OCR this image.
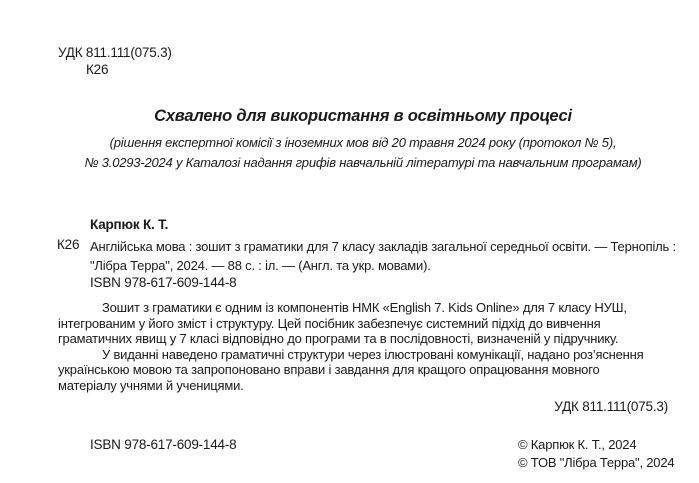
УДК 811.111(075.3)
К26
Схвалено для використання в освітньому процесі
(рішення експертної комісії з іноземних мов від 20 травня 2024 року (протокол № 5),
№ 3.0293-2024 у Каталозі надання грифів навчальній літературі та навчальним програмам)
Карпюк К. Т.
К26 Англійська мова : зошит з граматики для 7 класу закладів загальної середньої освіти. — Тернопіль :
"Лібра Терра", 2024. — 88 с. : іл. — (Англ. та укр. мовами).
ISBN 978-617-609-144-8
Зошит з граматики є одним із компонентів НМК «English 7. Kids Online» для 7 класу НУШ,
інтегрованим у його зміст і структуру. Цей посібник забезпечує системний підхід до вивчення
граматичних явищ у 7 класі відповідно до програми та в послідовності, визначеній у підручнику.
У виданні наведено граматичні структури через ілюстровані комунікації, надано роз’яснення
українською мовою та запропоновано вправи і завдання для кращого опрацювання мовного
матеріалу учнями й ученицями.
УДК 811.111(075.3)
ISBN 978-617-609-144-8	© Карпюк К. Т., 2024
© ТОВ "Лібра Терра", 2024
